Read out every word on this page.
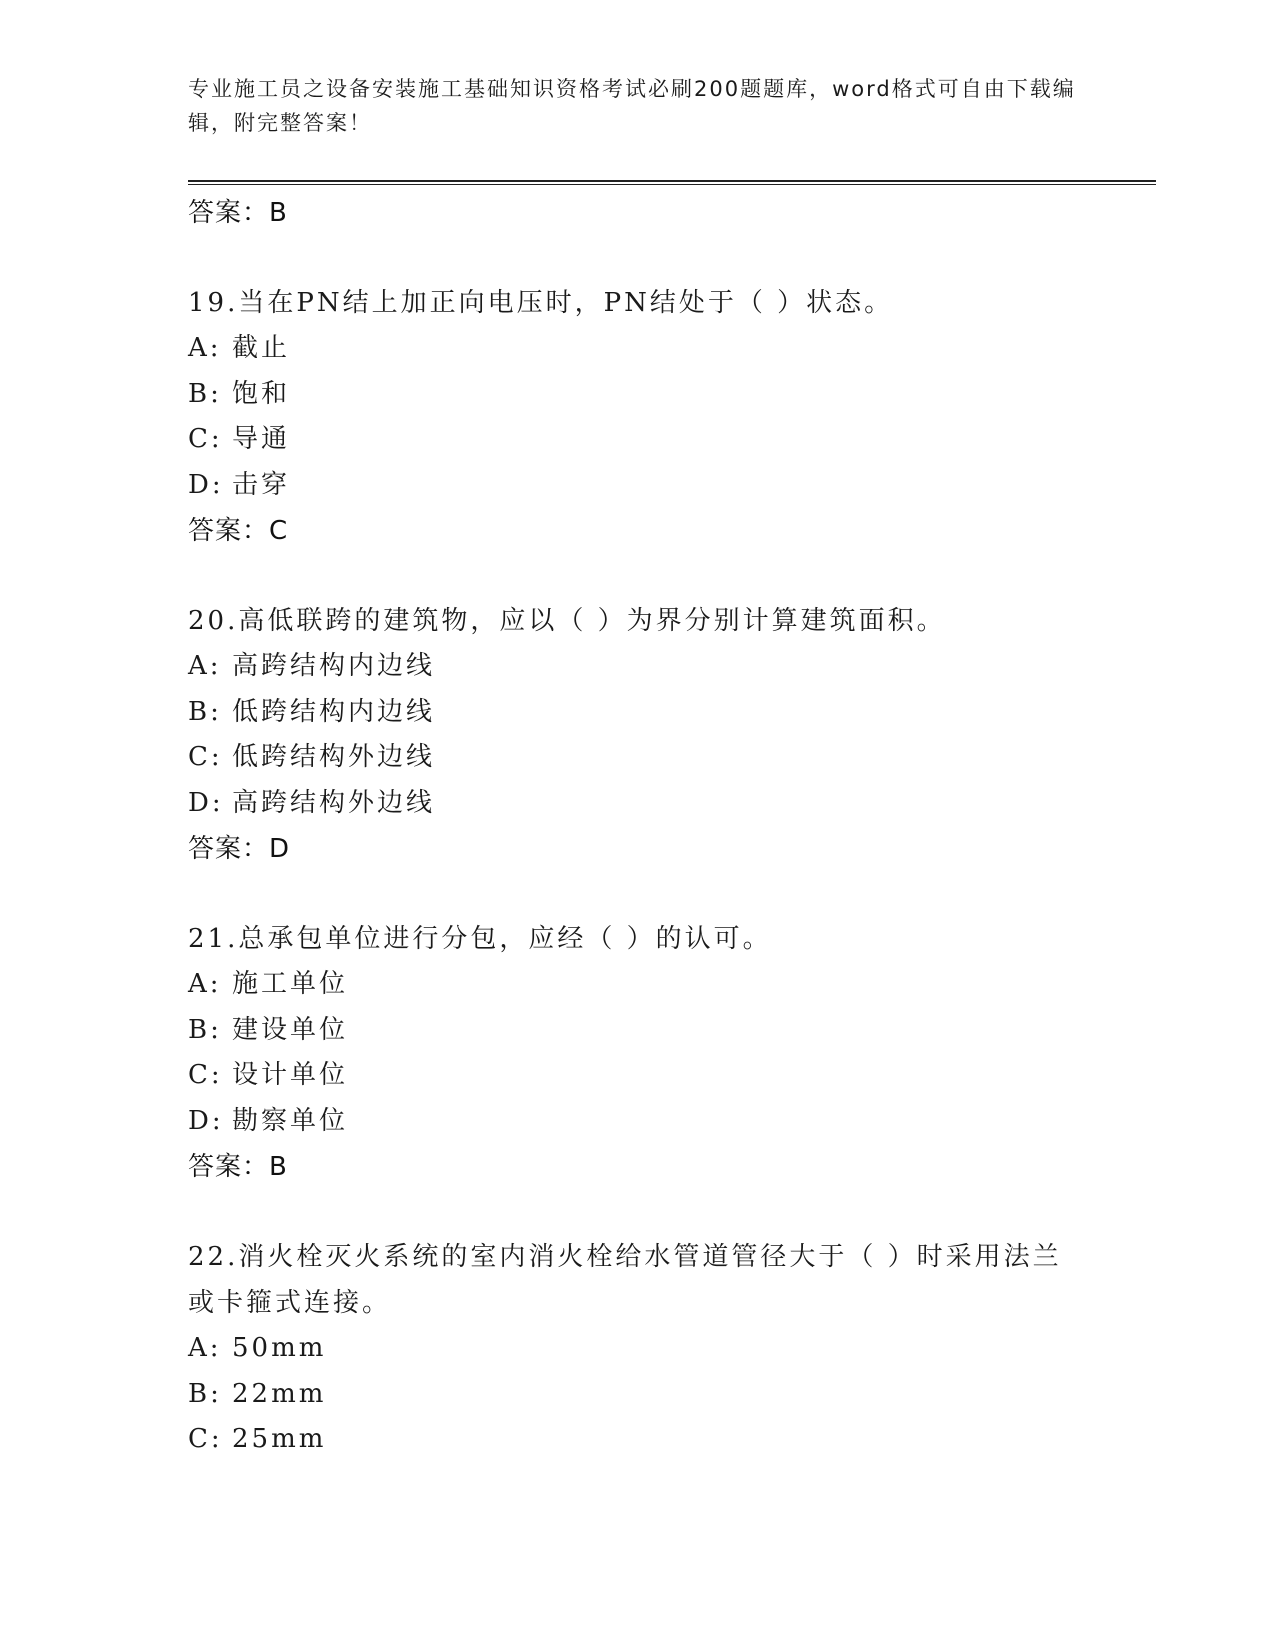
专业施工员之设备安装施工基础知识资格考试必刷200题题库，word格式可自由下载编辑，附完整答案！
答案：B
19.当在PN结上加正向电压时，PN结处于（ ）状态。
A: 截止
B: 饱和
C: 导通
D: 击穿
答案：C
20.高低联跨的建筑物，应以（ ）为界分别计算建筑面积。
A: 高跨结构内边线
B: 低跨结构内边线
C: 低跨结构外边线
D: 高跨结构外边线
答案：D
21.总承包单位进行分包，应经（ ）的认可。
A: 施工单位
B: 建设单位
C: 设计单位
D: 勘察单位
答案：B
22.消火栓灭火系统的室内消火栓给水管道管径大于（ ）时采用法兰或卡箍式连接。
A: 50mm
B: 22mm
C: 25mm
